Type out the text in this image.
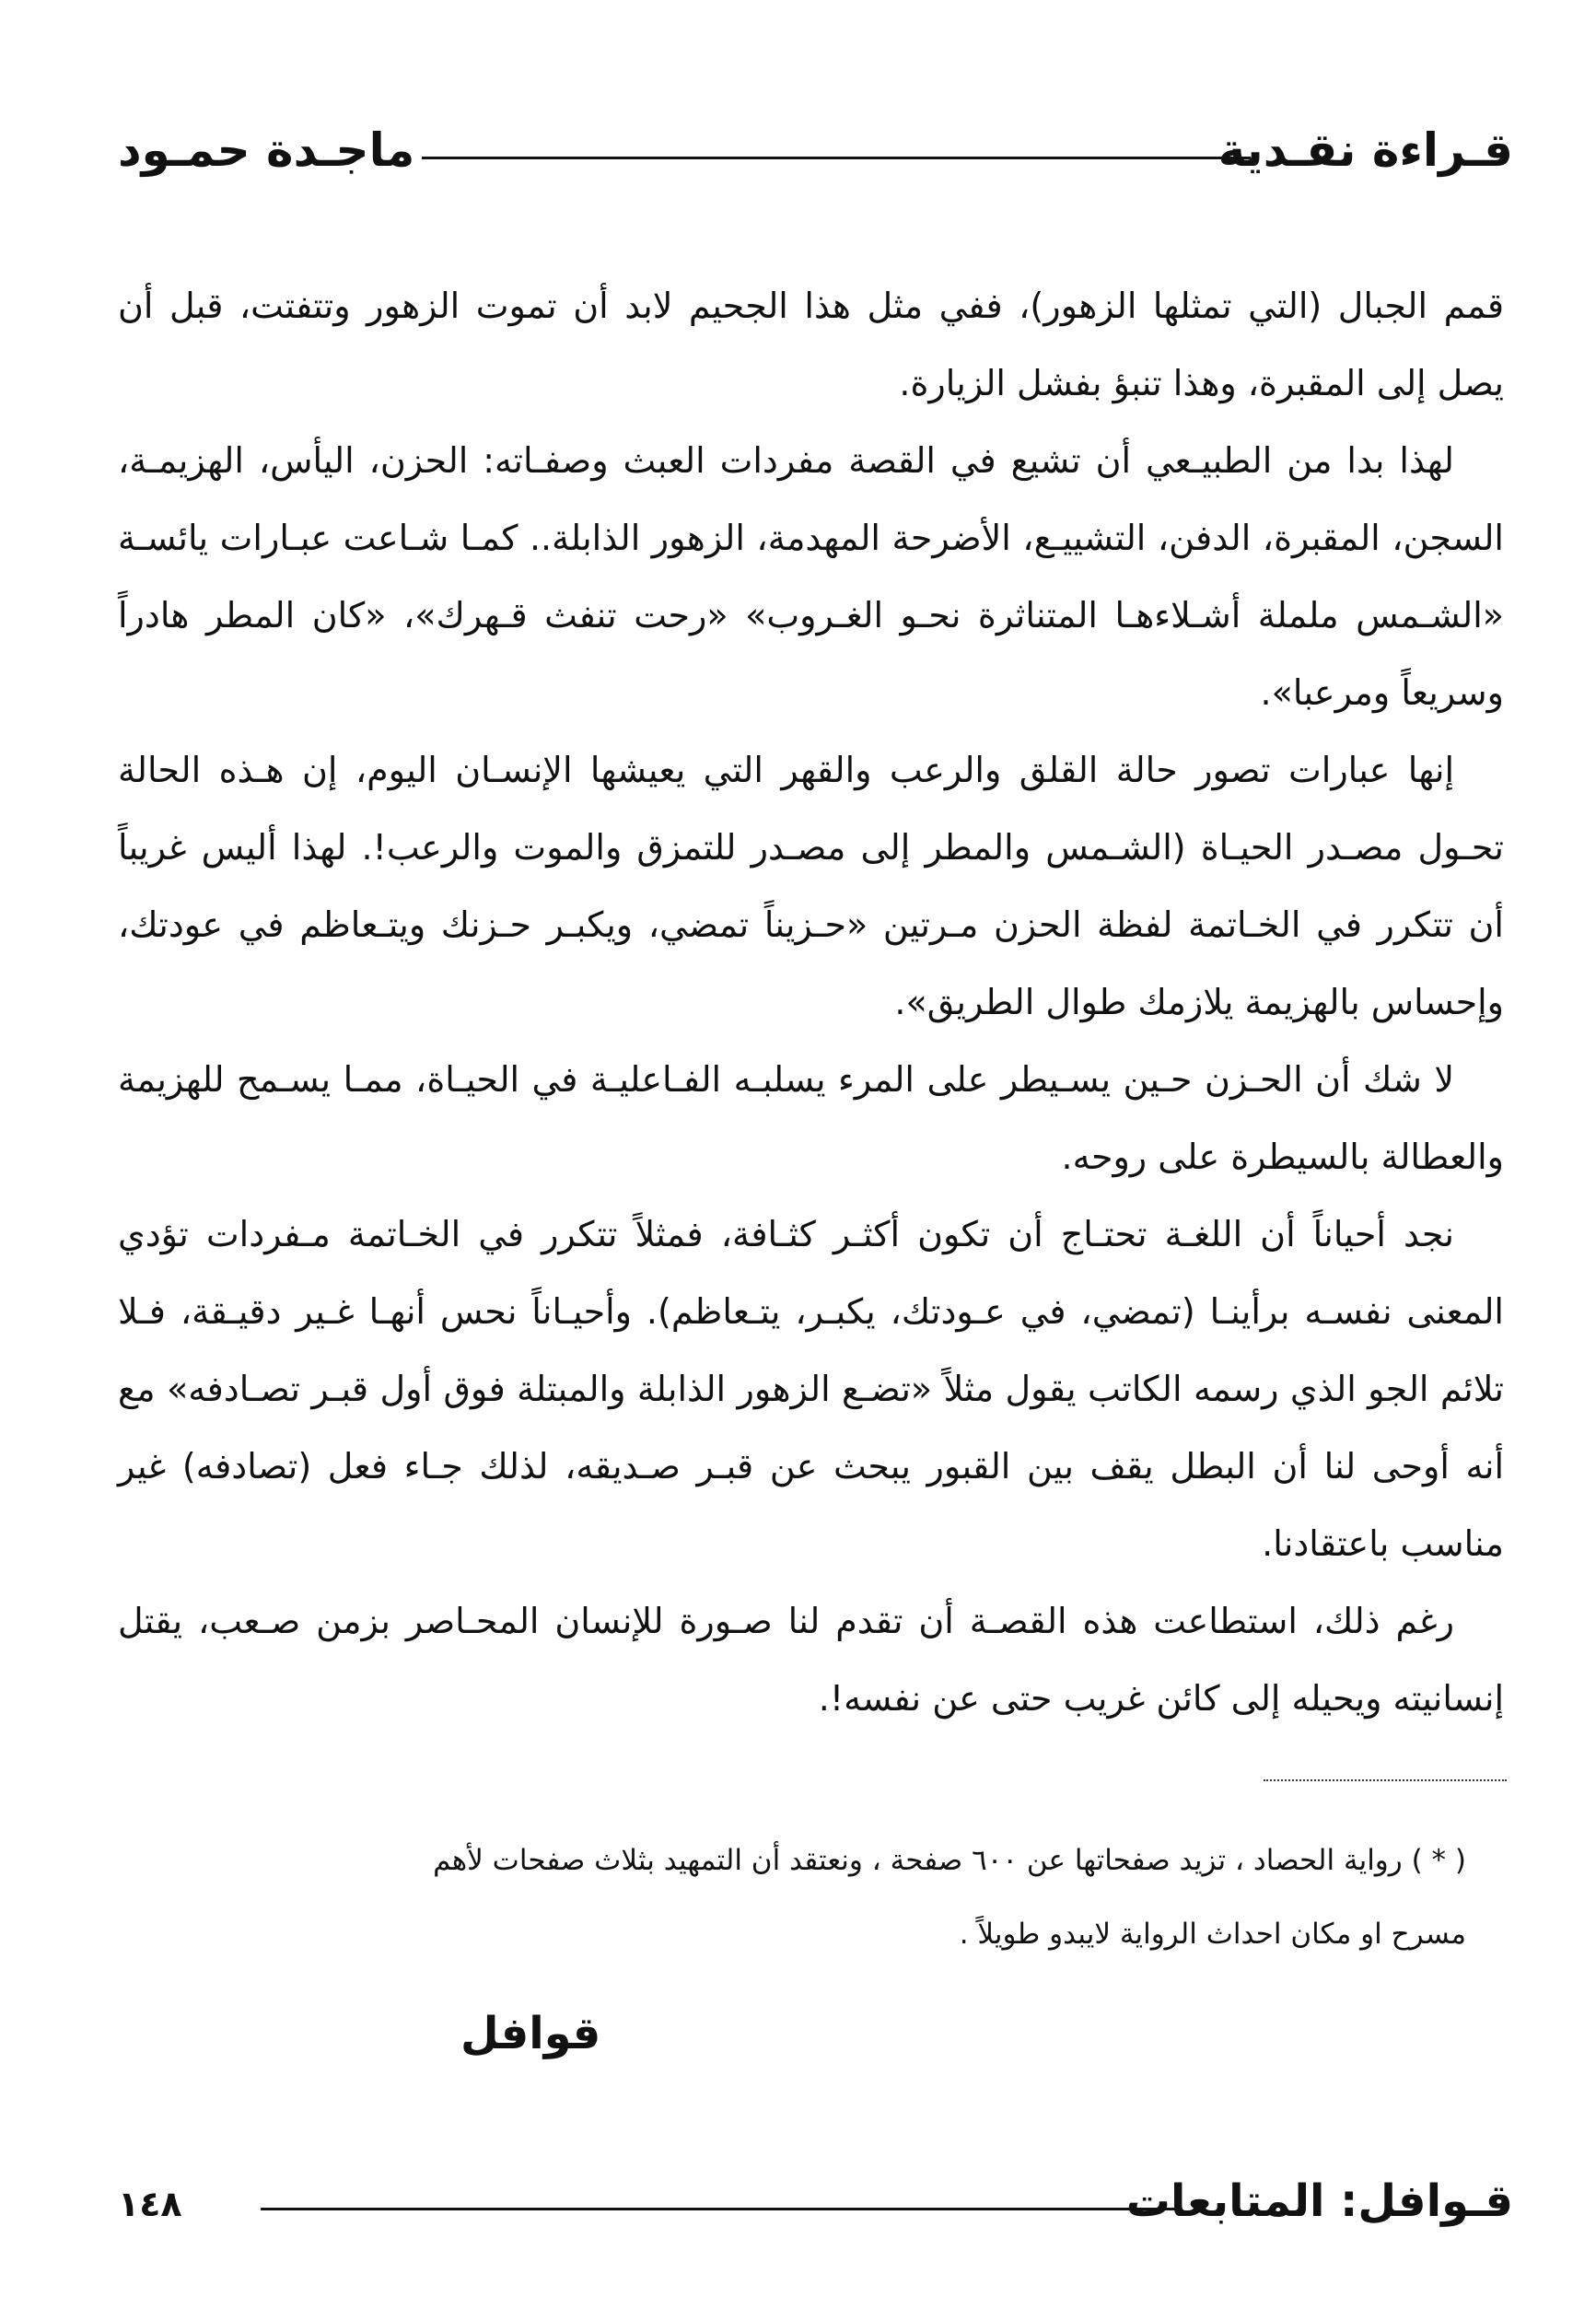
قـراءة نقـدية
ماجـدة حمـود

قمم الجبال (التي تمثلها الزهور)، ففي مثل هذا الجحيم لابد أن تموت الزهور وتتفتت، قبل أن يصل إلى المقبرة، وهذا تنبؤ بفشل الزيارة.

لهذا بدا من الطبيـعي أن تشيع في القصة مفردات العبث وصفـاته: الحزن، اليأس، الهزيمـة، السجن، المقبرة، الدفن، التشييـع، الأضرحة المهدمة، الزهور الذابلة.. كمـا شـاعت عبـارات يائسـة «الشـمس ململة أشـلاءهـا المتناثرة نحـو الغـروب» «رحت تنفث قـهرك»، «كان المطر هادراً وسريعاً ومرعبا».

إنها عبارات تصور حالة القلق والرعب والقهر التي يعيشها الإنسـان اليوم، إن هـذه الحالة تحـول مصـدر الحيـاة (الشـمس والمطر إلى مصـدر للتمزق والموت والرعب!. لهذا أليس غريباً أن تتكرر في الخـاتمة لفظة الحزن مـرتين «حـزيناً تمضي، ويكبـر حـزنك ويتـعاظم في عودتك، وإحساس بالهزيمة يلازمك طوال الطريق».

لا شك أن الحـزن حـين يسـيطر على المرء يسلبـه الفـاعليـة في الحيـاة، ممـا يسـمح للهزيمة والعطالة بالسيطرة على روحه.

نجد أحياناً أن اللغـة تحتـاج أن تكون أكثـر كثـافة، فمثلاً تتكرر في الخـاتمة مـفردات تؤدي المعنى نفسـه برأينـا (تمضي، في عـودتك، يكبـر، يتـعاظم). وأحيـاناً نحس أنهـا غـير دقيـقة، فـلا تلائم الجو الذي رسمه الكاتب يقول مثلاً «تضـع الزهور الذابلة والمبتلة فوق أول قبـر تصـادفه» مع أنه أوحى لنا أن البطل يقف بين القبور يبحث عن قبـر صـديقه، لذلك جـاء فعل (تصادفه) غير مناسب باعتقادنا.

رغم ذلك، استطاعت هذه القصـة أن تقدم لنا صـورة للإنسان المحـاصر بزمن صـعب، يقتل إنسانيته ويحيله إلى كائن غريب حتى عن نفسه!.

( * ) رواية الحصاد ، تزيد صفحاتها عن ٦٠٠ صفحة ، ونعتقد أن التمهيد بثلاث صفحات لأهم

مسرح او مكان احداث الرواية لايبدو طويلاً .

قوافل
قـوافل: المتابعات
١٤٨
